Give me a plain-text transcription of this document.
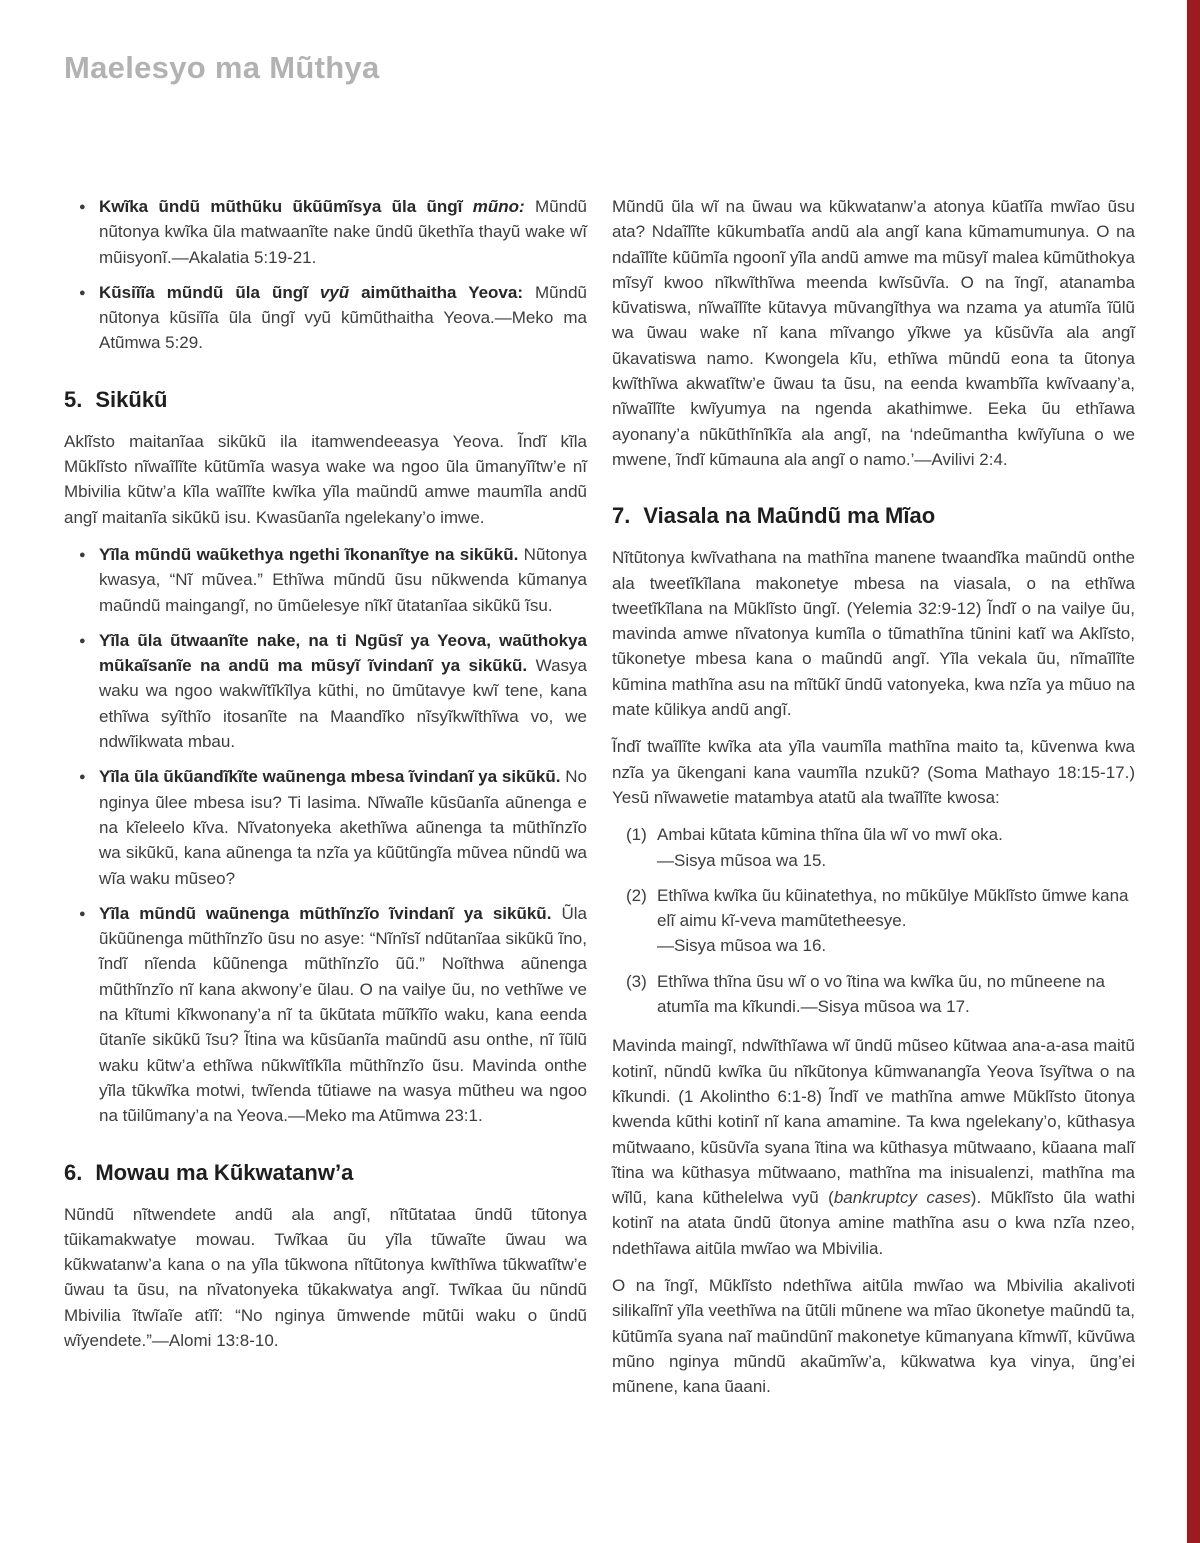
Maelesyo ma Mũthya
● Kwĩka ũndũ mũthũku ũkũũmĩsya ũla ũngĩ mũno: Mũndũ nũtonya kwĩka ũla matwaanĩte nake ũndũ ũkethĩa thayũ wake wĩ mũisyonĩ.—Akalatia 5:19-21.
● Kũsiĩĩa mũndũ ũla ũngĩ vyũ aimũthaitha Yeova: Mũndũ nũtonya kũsiĩĩa ũla ũngĩ vyũ kũmũthaitha Yeova.—Meko ma Atũmwa 5:29.
5. Sikũkũ

Aklĩsto maitanĩaa sikũkũ ila itamwendeeasya Yeova. Ĩndĩ kĩla Mũklĩsto nĩwaĩlĩte kũtũmĩa wasya wake wa ngoo ũla ũmanyĩĩtw’e nĩ Mbivilia kũtw’a kĩla waĩlĩte kwĩka yĩla maũndũ amwe maumĩla andũ angĩ maitanĩa sikũkũ isu. Kwasũanĩa ngelekany’o imwe.

● Yĩla mũndũ waũkethya ngethi ĩkonanĩtye na sikũkũ. Nũtonya kwasya, “Nĩ mũvea.” Ethĩwa mũndũ ũsu nũkwenda kũmanya maũndũ maingangĩ, no ũmũelesye nĩkĩ ũtatanĩaa sikũkũ ĩsu.
● Yĩla ũla ũtwaanĩte nake, na ti Ngũsĩ ya Yeova, waũthokya mũkaĩsanĩe na andũ ma mũsyĩ ĩvindanĩ ya sikũkũ. Wasya waku wa ngoo wakwĩtĩkĩlya kũthi, no ũmũtavye kwĩ tene, kana ethĩwa syĩthĩo itosanĩte na Maandĩko nĩsyĩkwĩthĩwa vo, we ndwĩikwata mbau.
● Yĩla ũla ũkũandĩkĩte waũnenga mbesa ĩvindanĩ ya sikũkũ. No nginya ũlee mbesa isu? Ti lasima. Nĩwaĩle kũsũanĩa aũnenga e na kĩeleelo kĩva. Nĩvatonyeka akethĩwa aũnenga ta mũthĩnzĩo wa sikũkũ, kana aũnenga ta nzĩa ya kũũtũngĩa mũvea nũndũ wa wĩa waku mũseo?
● Yĩla mũndũ waũnenga mũthĩnzĩo ĩvindanĩ ya sikũkũ. Ũla ũkũũnenga mũthĩnzĩo ũsu no asye: “Nĩnĩsĩ ndũtanĩaa sikũkũ ĩno, ĩndĩ nĩenda kũũnenga mũthĩnzĩo ũũ.” Noĩthwa aũnenga mũthĩnzĩo nĩ kana akwony’e ũlau. O na vailye ũu, no vethĩwe ve na kĩtumi kĩkwonany’a nĩ ta ũkũtata mũĩkĩĩo waku, kana eenda ũtanĩe sikũkũ ĩsu? Ĩtina wa kũsũanĩa maũndũ asu onthe, nĩ ĩũlũ waku kũtw’a ethĩwa nũkwĩtĩkĩla mũthĩnzĩo ũsu. Mavinda onthe yĩla tũkwĩka motwi, twĩenda tũtiawe na wasya mũtheu wa ngoo na tũilũmany’a na Yeova.—Meko ma Atũmwa 23:1.
6. Mowau ma Kũkwatanw’a

Nũndũ nĩtwendete andũ ala angĩ, nĩtũtataa ũndũ tũtonya tũikamakwatye mowau. Twĩkaa ũu yĩla tũwaĩte ũwau wa kũkwatanw’a kana o na yĩla tũkwona nĩtũtonya kwĩthĩwa tũkwatĩtw’e ũwau ta ũsu, na nĩvatonyeka tũkakwatya angĩ. Twĩkaa ũu nũndũ Mbivilia ĩtwĩaĩe atĩĩ: “No nginya ũmwende mũtũi waku o ũndũ wĩyendete.”—Alomi 13:8-10.

Mũndũ ũla wĩ na ũwau wa kũkwatanw’a atonya kũatĩĩa mwĩao ũsu ata? Ndaĩlĩte kũkumbatĩa andũ ala angĩ kana kũmamumunya. O na ndaĩlĩte kũũmĩa ngoonĩ yĩla andũ amwe ma mũsyĩ malea kũmũthokya mĩsyĩ kwoo nĩkwĩthĩwa meenda kwĩsũvĩa. O na ĩngĩ, atanamba kũvatiswa, nĩwaĩlĩte kũtavya mũvangĩthya wa nzama ya atumĩa ĩũlũ wa ũwau wake nĩ kana mĩvango yĩkwe ya kũsũvĩa ala angĩ ũkavatiswa namo. Kwongela kĩu, ethĩwa mũndũ eona ta ũtonya kwĩthĩwa akwatĩtw’e ũwau ta ũsu, na eenda kwambĩĩa kwĩvaany’a, nĩwaĩlĩte kwĩyumya na ngenda akathimwe. Eeka ũu ethĩawa ayonany’a nũkũthĩnĩkĩa ala angĩ, na ‘ndeũmantha kwĩyĩuna o we mwene, ĩndĩ kũmauna ala angĩ o namo.’—Avilivi 2:4.

7. Viasala na Maũndũ ma Mĩao

Nĩtũtonya kwĩvathana na mathĩna manene twaandĩka maũndũ onthe ala tweetĩkĩlana makonetye mbesa na viasala, o na ethĩwa tweetĩkĩlana na Mũklĩsto ũngĩ. (Yelemia 32:9-12) Ĩndĩ o na vailye ũu, mavinda amwe nĩvatonya kumĩla o tũmathĩna tũnini katĩ wa Aklĩsto, tũkonetye mbesa kana o maũndũ angĩ. Yĩla vekala ũu, nĩmaĩlĩte kũmina mathĩna asu na mĩtũkĩ ũndũ vatonyeka, kwa nzĩa ya mũuo na mate kũlikya andũ angĩ.

Ĩndĩ twaĩlĩte kwĩka ata yĩla vaumĩla mathĩna maito ta, kũvenwa kwa nzĩa ya ũkengani kana vaumĩla nzukũ? (Soma Mathayo 18:15-17.) Yesũ nĩwawetie matambya atatũ ala twaĩlĩte kwosa:

(1) Ambai kũtata kũmina thĩna ũla wĩ vo mwĩ oka.
—Sisya mũsoa wa 15.
(2) Ethĩwa kwĩka ũu kũinatethya, no mũkũlye Mũklĩsto ũmwe kana elĩ aimu kĩ-veva mamũtetheesye.
—Sisya mũsoa wa 16.
(3) Ethĩwa thĩna ũsu wĩ o vo ĩtina wa kwĩka ũu, no mũneene na atumĩa ma kĩkundi.—Sisya mũsoa wa 17.

Mavinda maingĩ, ndwĩthĩawa wĩ ũndũ mũseo kũtwaa ana-a-asa maitũ kotinĩ, nũndũ kwĩka ũu nĩkũtonya kũmwanangĩa Yeova ĩsyĩtwa o na kĩkundi. (1 Akolintho 6:1-8) Ĩndĩ ve mathĩna amwe Mũklĩsto ũtonya kwenda kũthi kotinĩ nĩ kana amamine. Ta kwa ngelekany’o, kũthasya mũtwaano, kũsũvĩa syana ĩtina wa kũthasya mũtwaano, kũaana malĩ ĩtina wa kũthasya mũtwaano, mathĩna ma inisualenzi, mathĩna ma wĩlũ, kana kũthelelwa vyũ (bankruptcy cases). Mũklĩsto ũla wathi kotinĩ na atata ũndũ ũtonya amine mathĩna asu o kwa nzĩa nzeo, ndethĩawa aitũla mwĩao wa Mbivilia.

O na ĩngĩ, Mũklĩsto ndethĩwa aitũla mwĩao wa Mbivilia akalivoti silikalĩnĩ yĩla veethĩwa na ũtũli mũnene wa mĩao ũkonetye maũndũ ta, kũtũmĩa syana naĩ maũndũnĩ makonetye kũmanyana kĩmwĩĩ, kũvũwa mũno nginya mũndũ akaũmĩw’a, kũkwatwa kya vinya, ũng’ei mũnene, kana ũaani.
